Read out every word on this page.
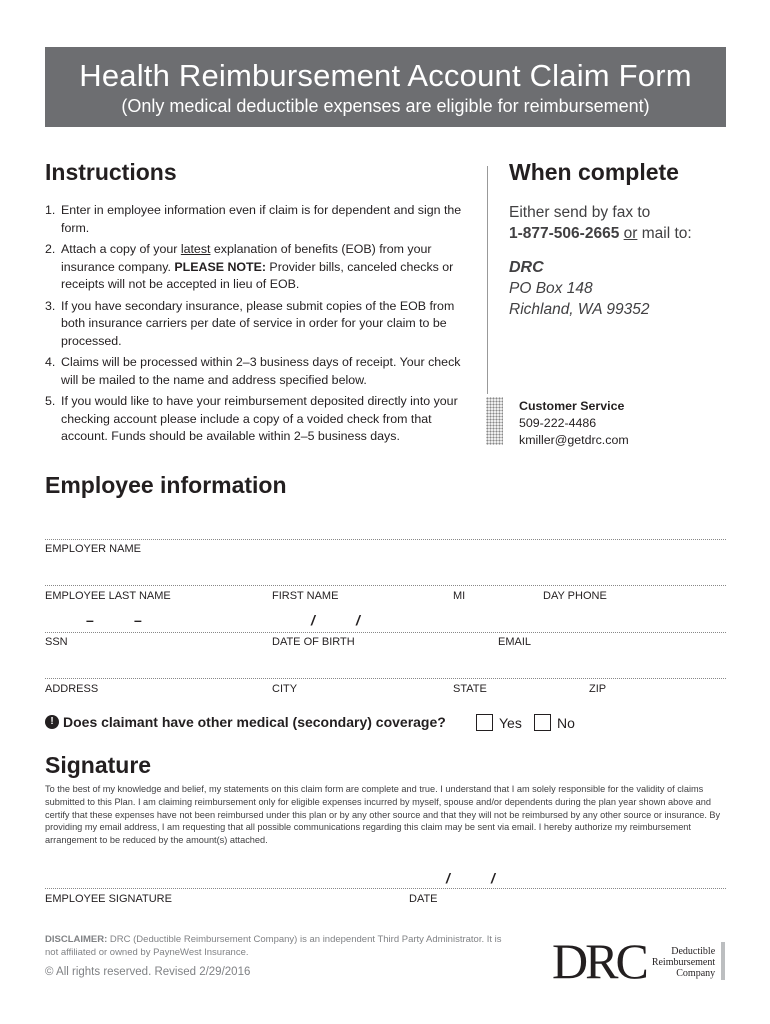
Health Reimbursement Account Claim Form
(Only medical deductible expenses are eligible for reimbursement)
Instructions
1. Enter in employee information even if claim is for dependent and sign the form.
2. Attach a copy of your latest explanation of benefits (EOB) from your insurance company. PLEASE NOTE: Provider bills, canceled checks or receipts will not be accepted in lieu of EOB.
3. If you have secondary insurance, please submit copies of the EOB from both insurance carriers per date of service in order for your claim to be processed.
4. Claims will be processed within 2–3 business days of receipt. Your check will be mailed to the name and address specified below.
5. If you would like to have your reimbursement deposited directly into your checking account please include a copy of a voided check from that account. Funds should be available within 2–5 business days.
When complete
Either send by fax to
1-877-506-2665 or mail to:
DRC
PO Box 148
Richland, WA 99352
Customer Service
509-222-4486
kmiller@getdrc.com
Employee information
EMPLOYER NAME
EMPLOYEE LAST NAME	FIRST NAME	MI	DAY PHONE
–	–	/	/
SSN	DATE OF BIRTH	EMAIL
ADDRESS	CITY	STATE	ZIP
! Does claimant have other medical (secondary) coverage?	Yes	No
Signature
To the best of my knowledge and belief, my statements on this claim form are complete and true. I understand that I am solely responsible for the validity of claims submitted to this Plan. I am claiming reimbursement only for eligible expenses incurred by myself, spouse and/or dependents during the plan year shown above and certify that these expenses have not been reimbursed under this plan or by any other source and that they will not be reimbursed by any other source or insurance. By providing my email address, I am requesting that all possible communications regarding this claim may be sent via email. I hereby authorize my reimbursement arrangement to be reduced by the amount(s) attached.
/	/
EMPLOYEE SIGNATURE	DATE
DISCLAIMER: DRC (Deductible Reimbursement Company) is an independent Third Party Administrator. It is not affiliated or owned by PayneWest Insurance.
© All rights reserved. Revised 2/29/2016	DRC	Deductible
Reimbursement
Company
